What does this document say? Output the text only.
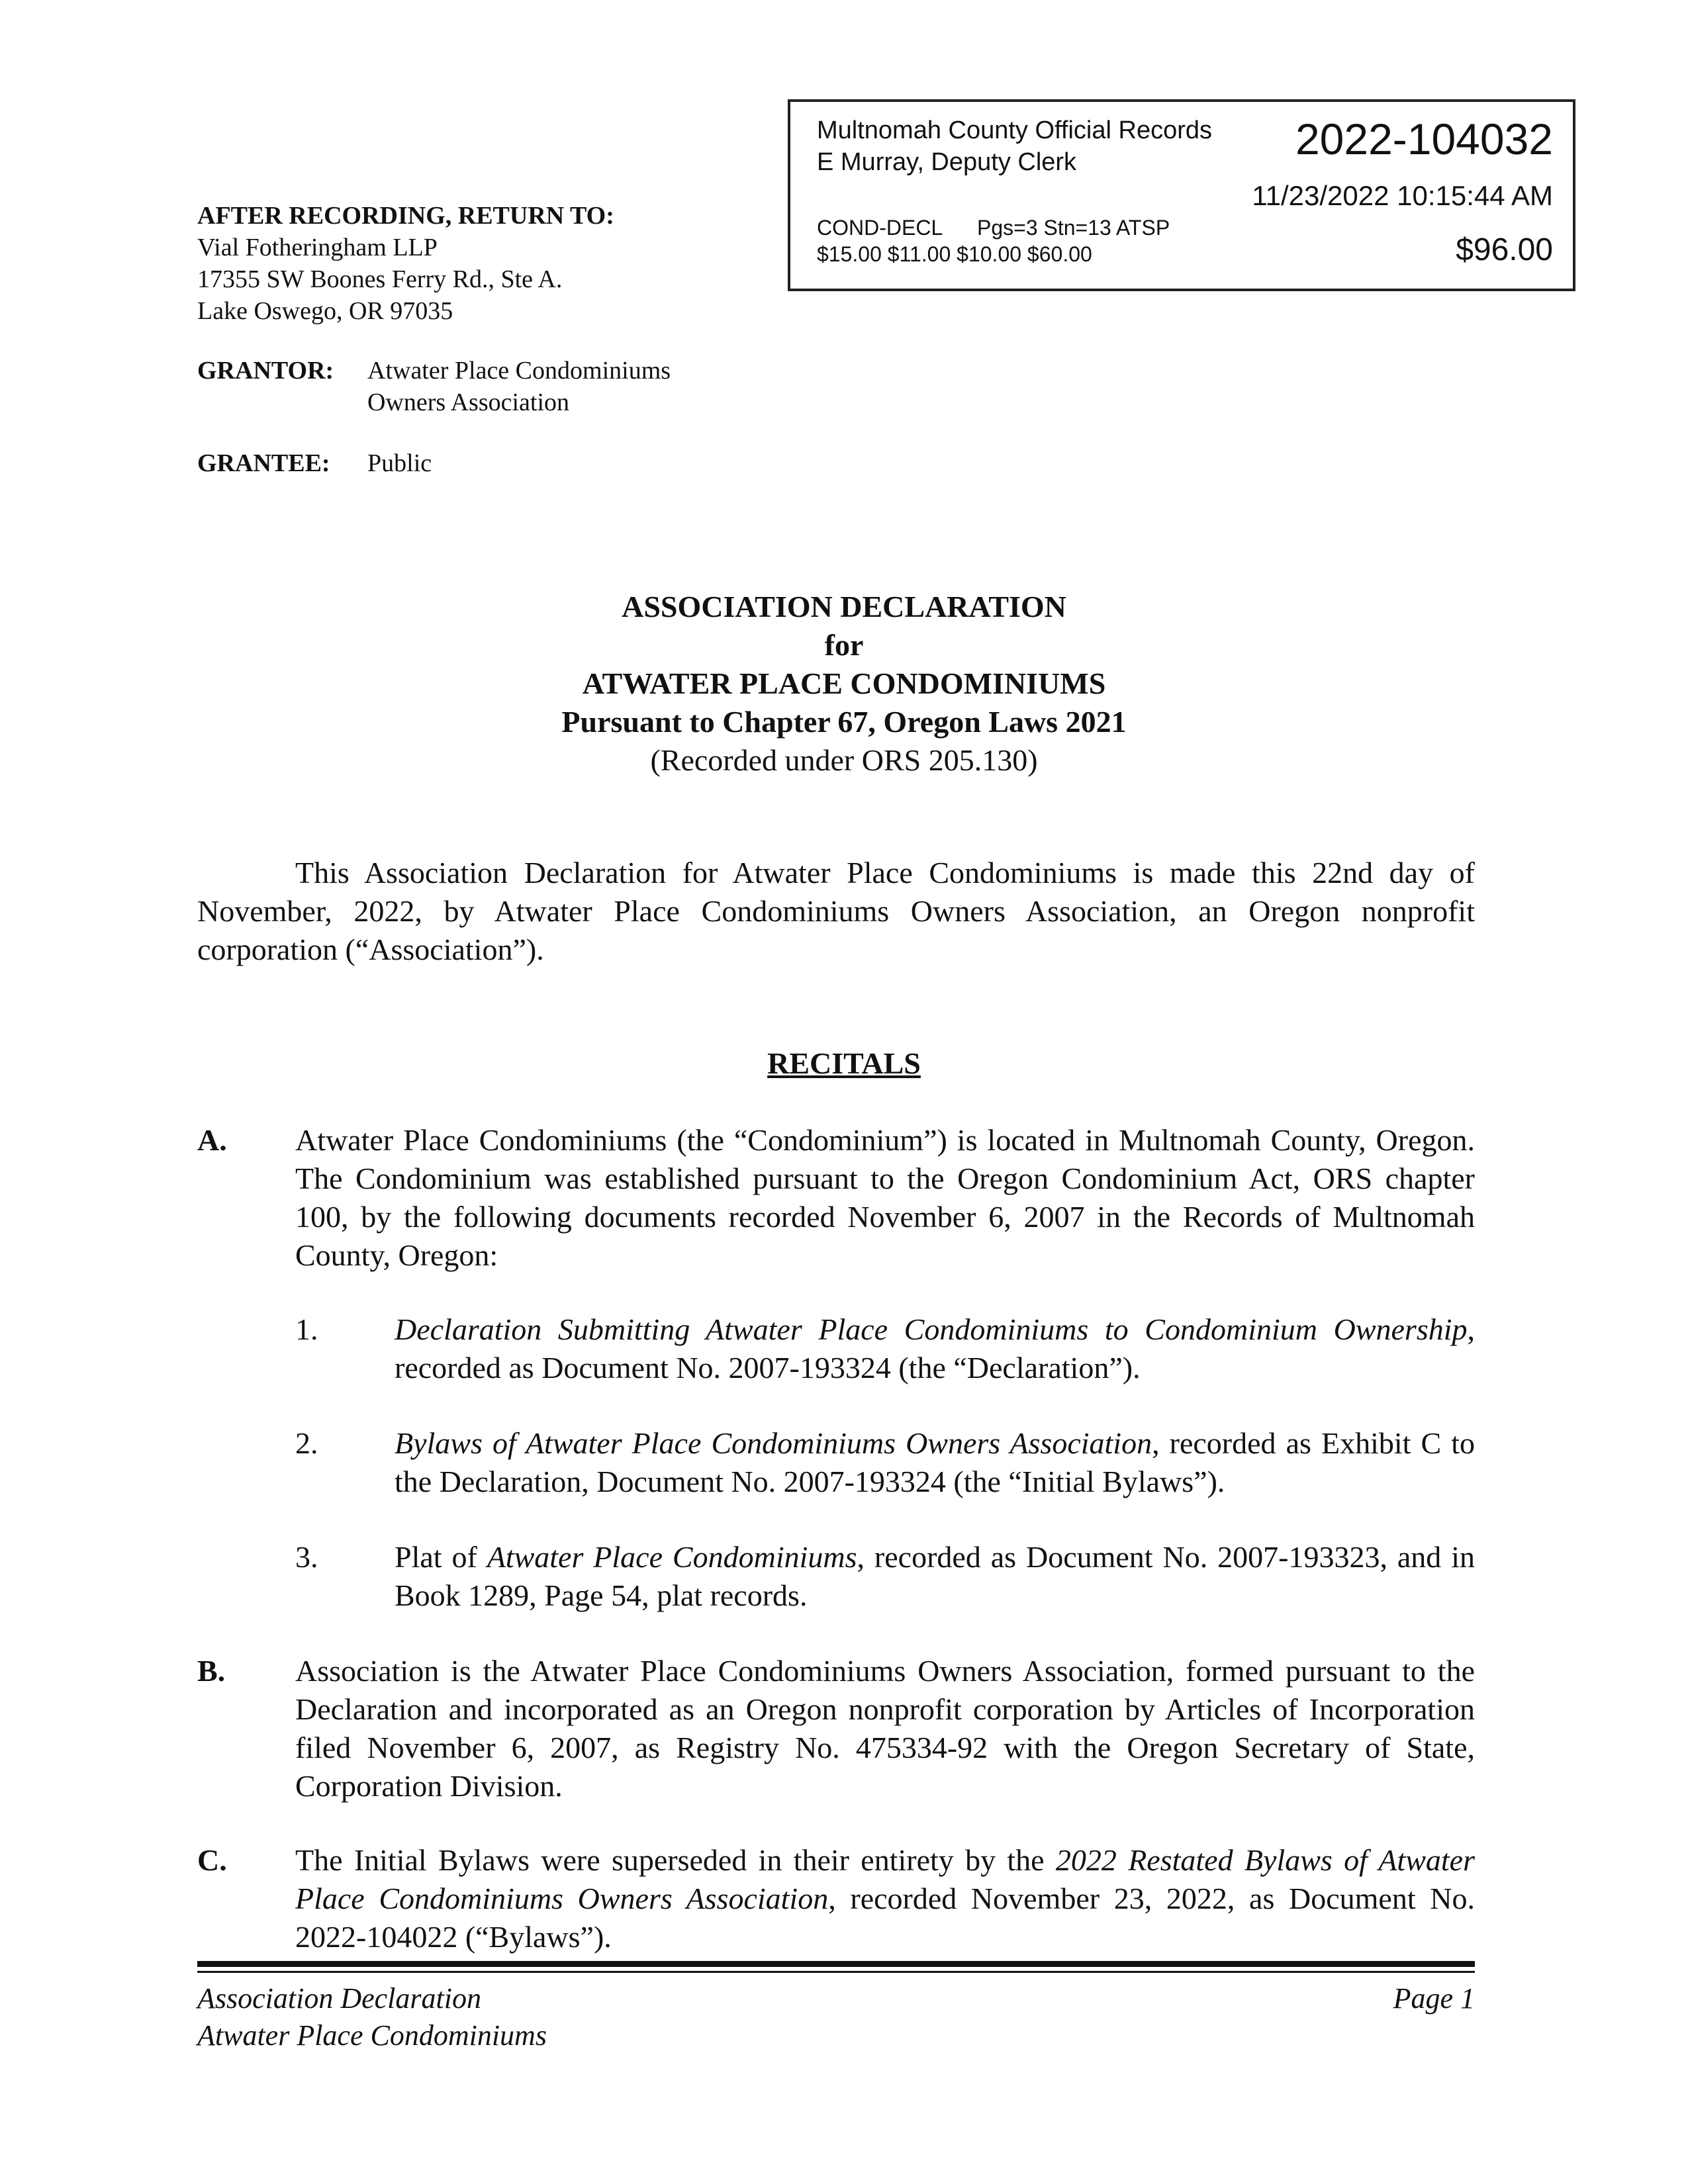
Multnomah County Official Records
E Murray, Deputy Clerk	2022-104032
11/23/2022 10:15:44 AM
COND-DECL Pgs=3 Stn=13 ATSP
$15.00 $11.00 $10.00 $60.00	$96.00
AFTER RECORDING, RETURN TO:
Vial Fotheringham LLP
17355 SW Boones Ferry Rd., Ste A.
Lake Oswego, OR 97035
GRANTOR: Atwater Place Condominiums
Owners Association
GRANTEE: Public
ASSOCIATION DECLARATION
for
ATWATER PLACE CONDOMINIUMS
Pursuant to Chapter 67, Oregon Laws 2021
(Recorded under ORS 205.130)
This Association Declaration for Atwater Place Condominiums is made this 22nd day of
November, 2022, by Atwater Place Condominiums Owners Association, an Oregon nonprofit
corporation (“Association”).
RECITALS
A. Atwater Place Condominiums (the “Condominium”) is located in Multnomah County, Oregon. The Condominium was established pursuant to the Oregon Condominium Act, ORS chapter 100, by the following documents recorded November 6, 2007 in the Records of Multnomah County, Oregon:
1.	Declaration Submitting Atwater Place Condominiums to Condominium Ownership, recorded as Document No. 2007-193324 (the “Declaration”).
2.	Bylaws of Atwater Place Condominiums Owners Association, recorded as Exhibit C to the Declaration, Document No. 2007-193324 (the “Initial Bylaws”).
3.	Plat of Atwater Place Condominiums, recorded as Document No. 2007-193323, and in Book 1289, Page 54, plat records.
B. Association is the Atwater Place Condominiums Owners Association, formed pursuant to the Declaration and incorporated as an Oregon nonprofit corporation by Articles of Incorporation filed November 6, 2007, as Registry No. 475334-92 with the Oregon Secretary of State, Corporation Division.
C. The Initial Bylaws were superseded in their entirety by the 2022 Restated Bylaws of Atwater Place Condominiums Owners Association, recorded November 23, 2022, as Document No. 2022-104022 (“Bylaws”).
Association Declaration
Atwater Place Condominiums
Page 1
